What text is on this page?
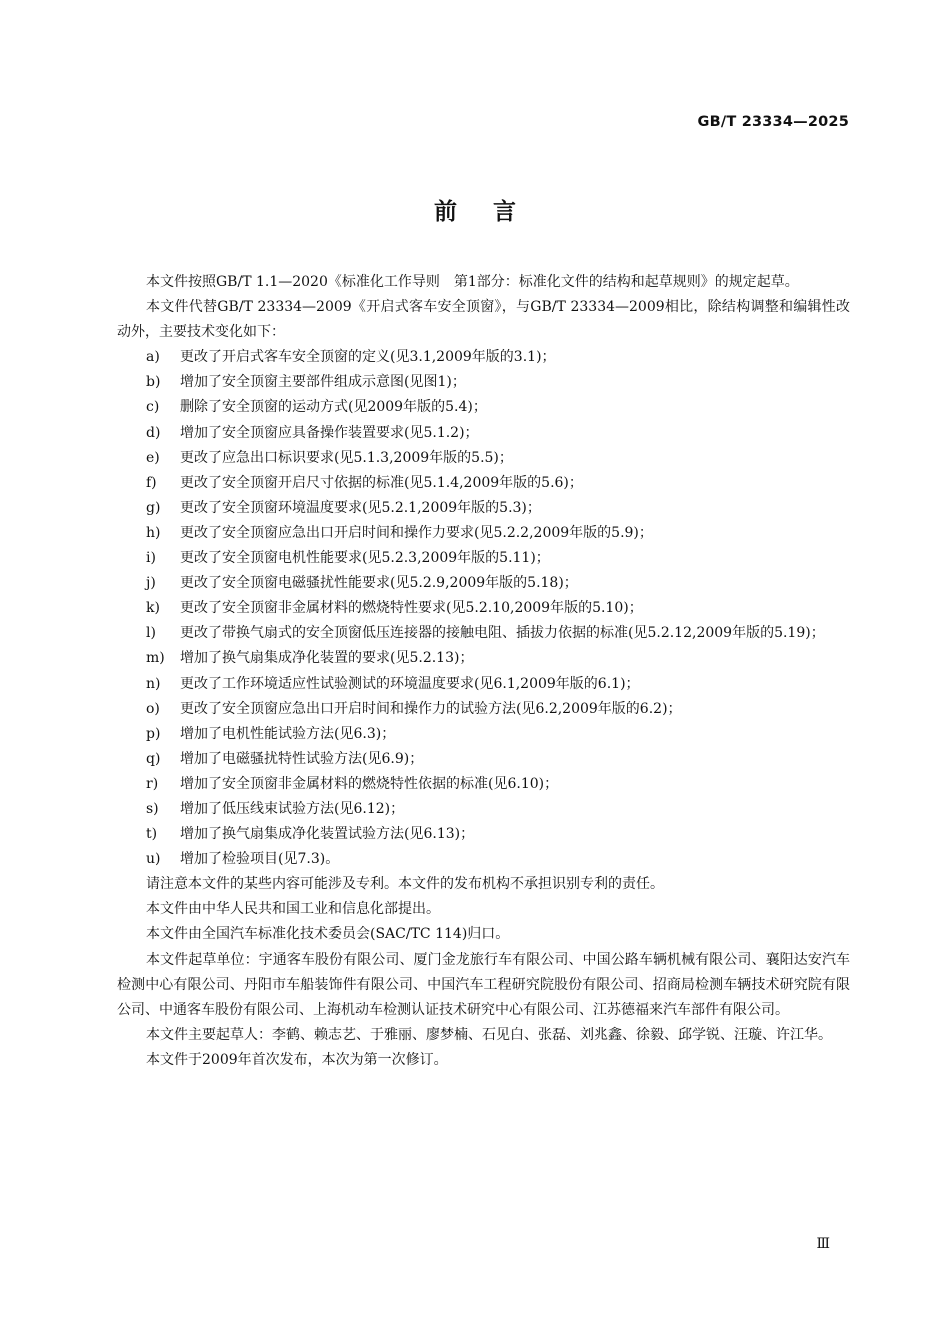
GB/T 23334—2025
前言

本文件按照GB/T 1.1—2020《标准化工作导则　第1部分：标准化文件的结构和起草规则》的规定起草。

本文件代替GB/T 23334—2009《开启式客车安全顶窗》，与GB/T 23334—2009相比，除结构调整和编辑性改动外，主要技术变化如下：

a)	更改了开启式客车安全顶窗的定义(见3.1,2009年版的3.1)；
b)	增加了安全顶窗主要部件组成示意图(见图1)；
c)	删除了安全顶窗的运动方式(见2009年版的5.4)；
d)	增加了安全顶窗应具备操作装置要求(见5.1.2)；
e)	更改了应急出口标识要求(见5.1.3,2009年版的5.5)；
f)	更改了安全顶窗开启尺寸依据的标准(见5.1.4,2009年版的5.6)；
g)	更改了安全顶窗环境温度要求(见5.2.1,2009年版的5.3)；
h)	更改了安全顶窗应急出口开启时间和操作力要求(见5.2.2,2009年版的5.9)；
i)	更改了安全顶窗电机性能要求(见5.2.3,2009年版的5.11)；
j)	更改了安全顶窗电磁骚扰性能要求(见5.2.9,2009年版的5.18)；
k)	更改了安全顶窗非金属材料的燃烧特性要求(见5.2.10,2009年版的5.10)；
l)	更改了带换气扇式的安全顶窗低压连接器的接触电阻、插拔力依据的标准(见5.2.12,2009年版的5.19)；
m)	增加了换气扇集成净化装置的要求(见5.2.13)；
n)	更改了工作环境适应性试验测试的环境温度要求(见6.1,2009年版的6.1)；
o)	更改了安全顶窗应急出口开启时间和操作力的试验方法(见6.2,2009年版的6.2)；
p)	增加了电机性能试验方法(见6.3)；
q)	增加了电磁骚扰特性试验方法(见6.9)；
r)	增加了安全顶窗非金属材料的燃烧特性依据的标准(见6.10)；
s)	增加了低压线束试验方法(见6.12)；
t)	增加了换气扇集成净化装置试验方法(见6.13)；
u)	增加了检验项目(见7.3)。

请注意本文件的某些内容可能涉及专利。本文件的发布机构不承担识别专利的责任。

本文件由中华人民共和国工业和信息化部提出。

本文件由全国汽车标准化技术委员会(SAC/TC 114)归口。

本文件起草单位：宇通客车股份有限公司、厦门金龙旅行车有限公司、中国公路车辆机械有限公司、襄阳达安汽车检测中心有限公司、丹阳市车船装饰件有限公司、中国汽车工程研究院股份有限公司、招商局检测车辆技术研究院有限公司、中通客车股份有限公司、上海机动车检测认证技术研究中心有限公司、江苏德福来汽车部件有限公司。

本文件主要起草人：李鹤、赖志艺、于雅丽、廖梦楠、石见白、张磊、刘兆鑫、徐毅、邱学锐、汪璇、许江华。

本文件于2009年首次发布，本次为第一次修订。

Ⅲ
